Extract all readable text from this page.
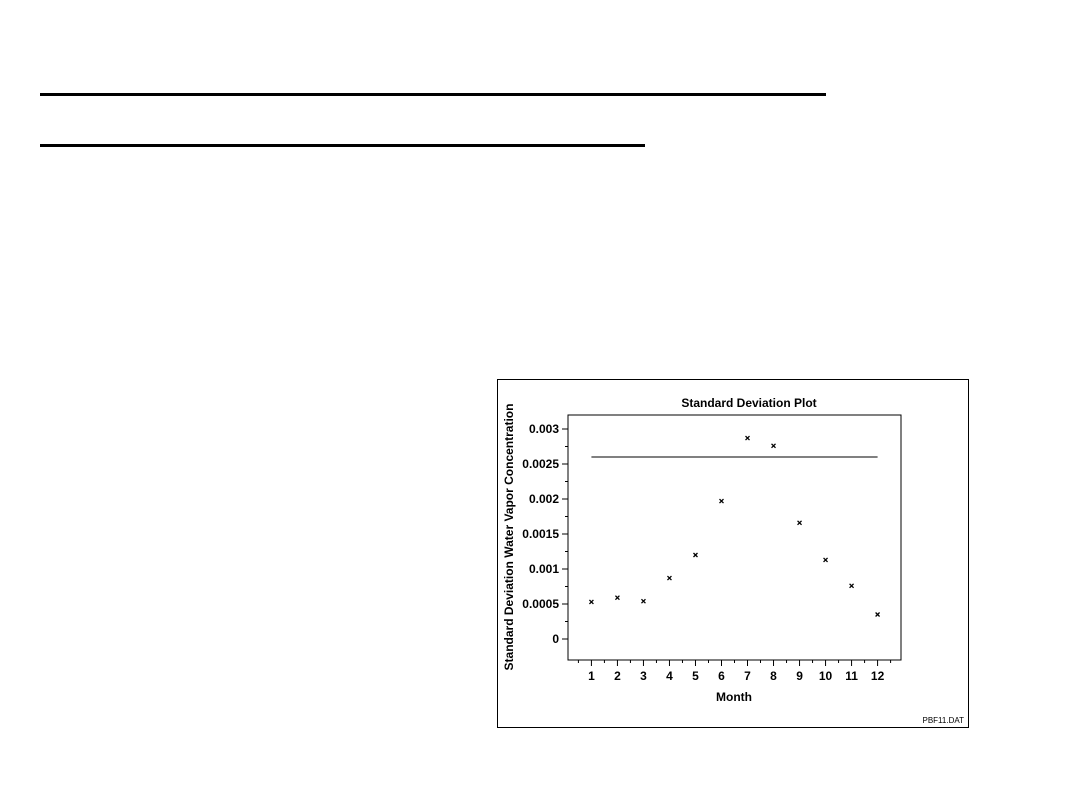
Standard Deviation Plot
0
0.0005
0.001
0.0015
0.002
0.0025
0.003
1 2 3 4 5 6 7 8 9 10 11 12
Month
Standard Deviation Water Vapor Concentration
PBF11.DAT
